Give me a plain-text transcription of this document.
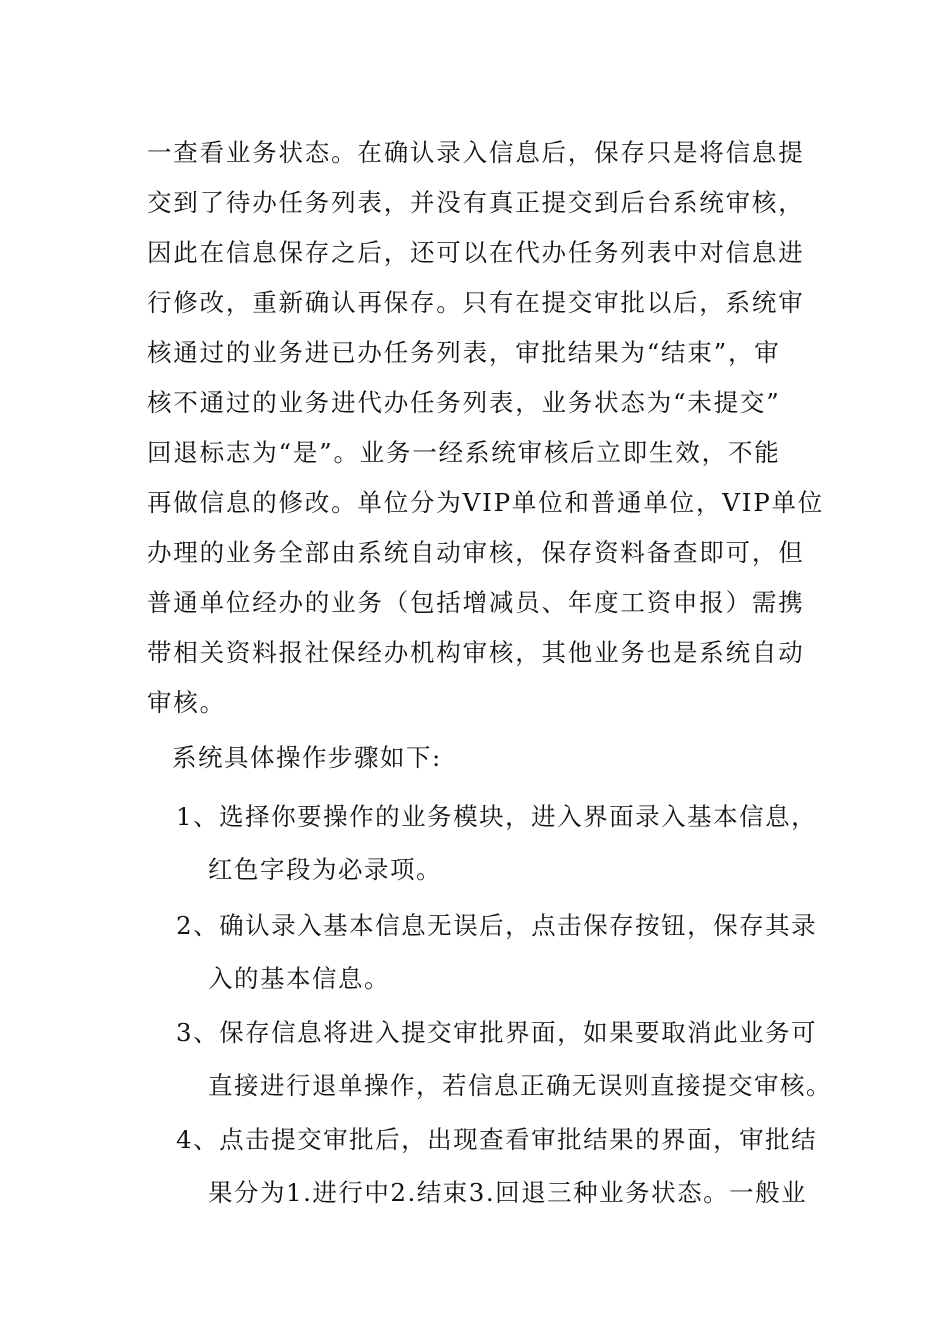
一查看业务状态。在确认录入信息后，保存只是将信息提
交到了待办任务列表，并没有真正提交到后台系统审核，
因此在信息保存之后，还可以在代办任务列表中对信息进
行修改，重新确认再保存。只有在提交审批以后，系统审
核通过的业务进已办任务列表，审批结果为“结束”，审
核不通过的业务进代办任务列表，业务状态为“未提交”
回退标志为“是”。业务一经系统审核后立即生效，不能
再做信息的修改。单位分为VIP单位和普通单位，VIP单位
办理的业务全部由系统自动审核，保存资料备查即可，但
普通单位经办的业务（包括增减员、年度工资申报）需携
带相关资料报社保经办机构审核，其他业务也是系统自动
审核。
系统具体操作步骤如下:
1、选择你要操作的业务模块，进入界面录入基本信息，
红色字段为必录项。
2、确认录入基本信息无误后，点击保存按钮，保存其录
入的基本信息。
3、保存信息将进入提交审批界面，如果要取消此业务可
直接进行退单操作，若信息正确无误则直接提交审核。
4、点击提交审批后，出现查看审批结果的界面，审批结
果分为1.进行中2.结束3.回退三种业务状态。一般业
